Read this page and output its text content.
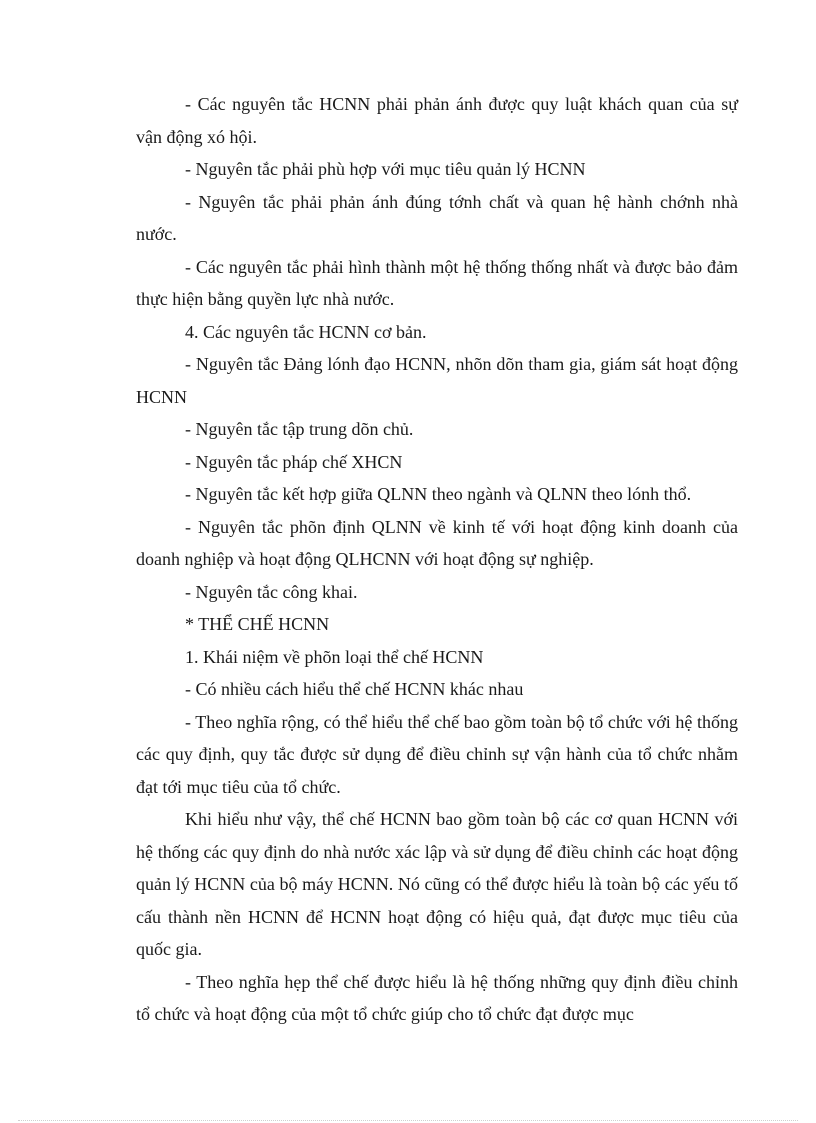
- Các nguyên tắc HCNN phải phản ánh được quy luật khách quan của sự vận động xó hội.

- Nguyên tắc phải phù hợp với mục tiêu quản lý HCNN

- Nguyên tắc phải phản ánh đúng tớnh chất và quan hệ hành chớnh nhà nước.

- Các nguyên tắc phải hình thành một hệ thống thống nhất và được bảo đảm thực hiện bằng quyền lực nhà nước.

4. Các nguyên tắc HCNN cơ bản.

- Nguyên tắc Đảng lónh đạo HCNN, nhõn dõn tham gia, giám sát hoạt động HCNN

- Nguyên tắc tập trung dõn chủ.

- Nguyên tắc pháp chế XHCN

- Nguyên tắc kết hợp giữa QLNN theo ngành và QLNN theo lónh thổ.

- Nguyên tắc phõn định QLNN về kinh tế với hoạt động kinh doanh của doanh nghiệp và hoạt động QLHCNN với hoạt động sự nghiệp.

- Nguyên tắc công khai.

* THỂ CHẾ HCNN

1. Khái niệm về phõn loại thể chế HCNN

- Có nhiều cách hiểu thể chế HCNN khác nhau

- Theo nghĩa rộng, có thể hiểu thể chế bao gồm toàn bộ tổ chức với hệ thống các quy định, quy tắc được sử dụng để điều chỉnh sự vận hành của tổ chức nhằm đạt tới mục tiêu của tổ chức.

Khi hiểu như vậy, thể chế HCNN bao gồm toàn bộ các cơ quan HCNN với hệ thống các quy định do nhà nước xác lập và sử dụng để điều chỉnh các hoạt động quản lý HCNN của bộ máy HCNN. Nó cũng có thể được hiểu là toàn bộ các yếu tố cấu thành nền HCNN để HCNN hoạt động có hiệu quả, đạt được mục tiêu của quốc gia.

- Theo nghĩa hẹp thể chế được hiểu là hệ thống những quy định điều chỉnh tổ chức và hoạt động của một tổ chức giúp cho tổ chức đạt được mục
